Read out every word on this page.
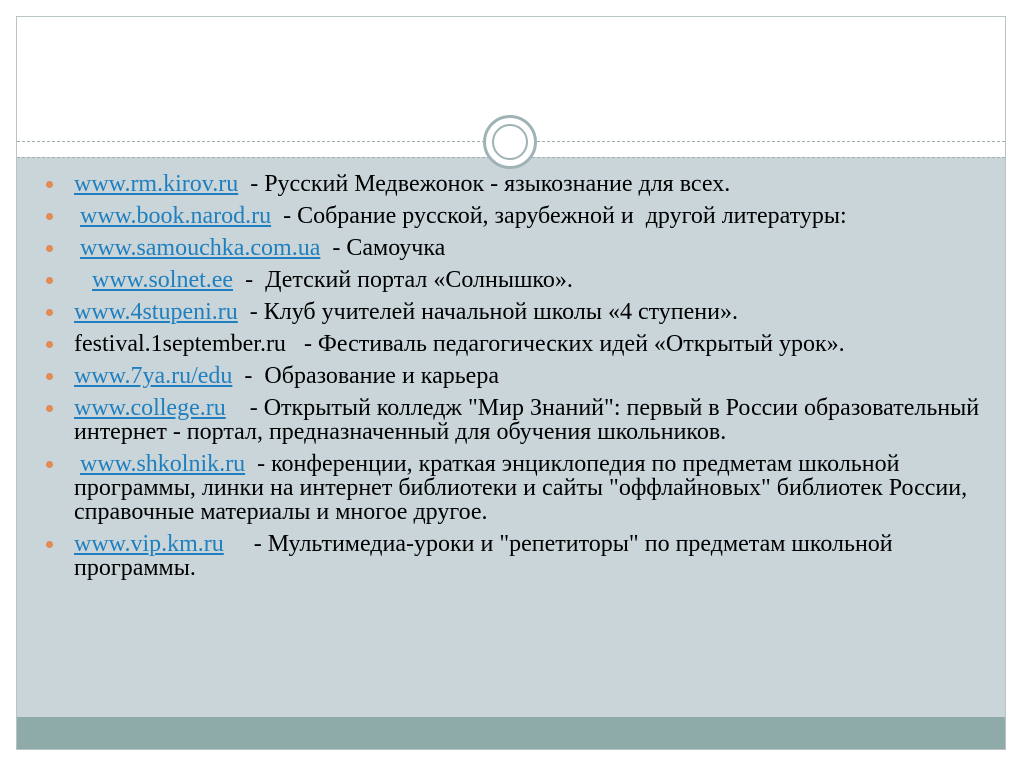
www.rm.kirov.ru  - Русский Медвежонок - языкознание для всех.
www.book.narod.ru  - Собрание русской, зарубежной и  другой литературы:
www.samouchka.com.ua  - Самоучка
www.solnet.ee  -  Детский портал «Солнышко».
www.4stupeni.ru  - Клуб учителей начальной школы «4 ступени».
festival.1september.ru   - Фестиваль педагогических идей «Открытый урок».
www.7ya.ru/edu  -  Образование и карьера
www.college.ru    - Открытый колледж "Мир Знаний": первый в России образовательный интернет - портал, предназначенный для обучения школьников.
www.shkolnik.ru  - конференции, краткая энциклопедия по предметам школьной программы, линки на интернет библиотеки и сайты "оффлайновых" библиотек России, справочные материалы и многое другое.
www.vip.km.ru     - Мультимедиа-уроки и "репетиторы" по предметам школьной программы.
